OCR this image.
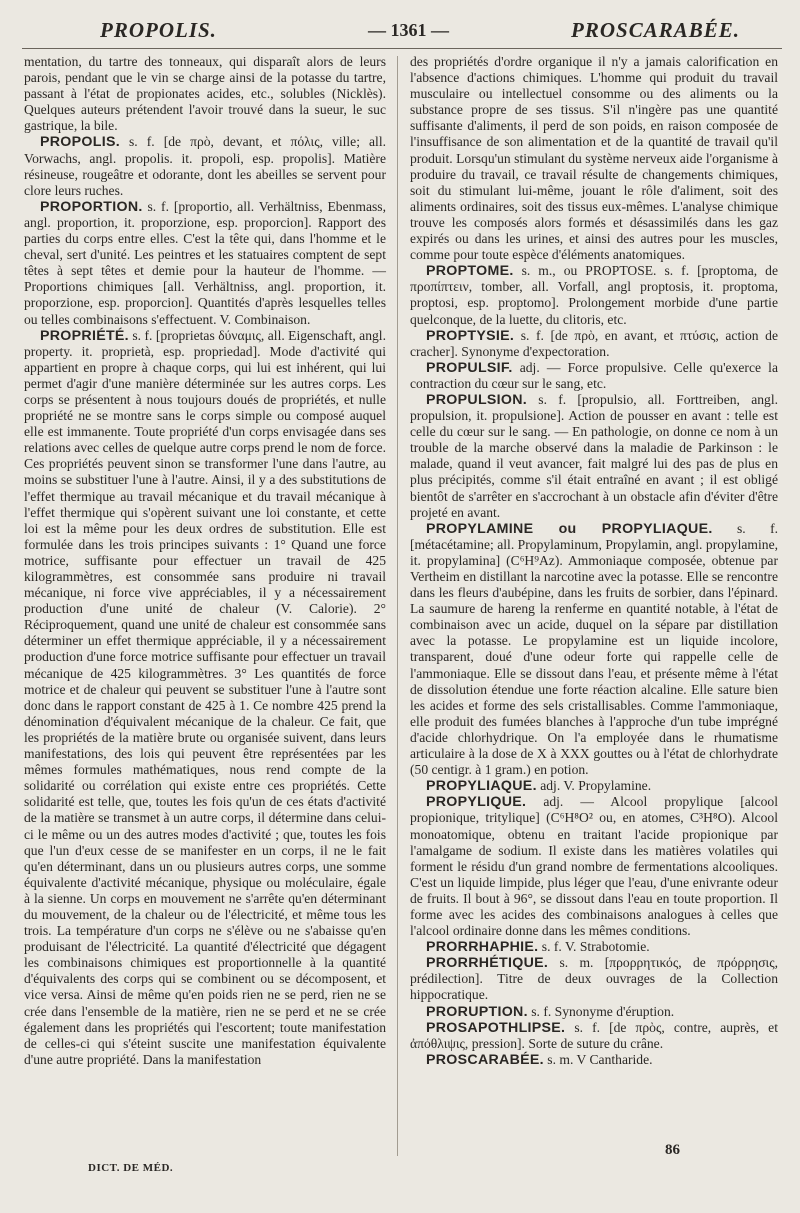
PROPOLIS.	— 1361 —	PROSCARABÉE.

mentation, du tartre des tonneaux, qui disparaît alors de leurs parois, pendant que le vin se charge ainsi de la potasse du tartre, passant à l'état de propionates acides, etc., solubles (Nicklès). Quelques auteurs prétendent l'avoir trouvé dans la sueur, le suc gastrique, la bile.

PROPOLIS. s. f. [de πρὸ, devant, et πόλις, ville; all. Vorwachs, angl. propolis. it. propoli, esp. propolis]. Matière résineuse, rougeâtre et odorante, dont les abeilles se servent pour clore leurs ruches.

PROPORTION. s. f. [proportio, all. Verhältniss, Ebenmass, angl. proportion, it. proporzione, esp. proporcion]. Rapport des parties du corps entre elles. C'est la tête qui, dans l'homme et le cheval, sert d'unité. Les peintres et les statuaires comptent de sept têtes à sept têtes et demie pour la hauteur de l'homme. — Proportions chimiques [all. Verhältniss, angl. proportion, it. proporzione, esp. proporcion]. Quantités d'après lesquelles telles ou telles combinaisons s'effectuent. V. Combinaison.

PROPRIÉTÉ. s. f. [proprietas δύναμις, all. Eigenschaft, angl. property. it. proprietà, esp. propriedad]. Mode d'activité qui appartient en propre à chaque corps, qui lui est inhérent, qui lui permet d'agir d'une manière déterminée sur les autres corps. Les corps se présentent à nous toujours doués de propriétés, et nulle propriété ne se montre sans le corps simple ou composé auquel elle est immanente. Toute propriété d'un corps envisagée dans ses relations avec celles de quelque autre corps prend le nom de force. Ces propriétés peuvent sinon se transformer l'une dans l'autre, au moins se substituer l'une à l'autre. Ainsi, il y a des substitutions de l'effet thermique au travail mécanique et du travail mécanique à l'effet thermique qui s'opèrent suivant une loi constante, et cette loi est la même pour les deux ordres de substitution. Elle est formulée dans les trois principes suivants : 1° Quand une force motrice, suffisante pour effectuer un travail de 425 kilogrammètres, est consommée sans produire ni travail mécanique, ni force vive appréciables, il y a nécessairement production d'une unité de chaleur (V. Calorie). 2° Réciproquement, quand une unité de chaleur est consommée sans déterminer un effet thermique appréciable, il y a nécessairement production d'une force motrice suffisante pour effectuer un travail mécanique de 425 kilogrammètres. 3° Les quantités de force motrice et de chaleur qui peuvent se substituer l'une à l'autre sont donc dans le rapport constant de 425 à 1. Ce nombre 425 prend la dénomination d'équivalent mécanique de la chaleur. Ce fait, que les propriétés de la matière brute ou organisée suivent, dans leurs manifestations, des lois qui peuvent être représentées par les mêmes formules mathématiques, nous rend compte de la solidarité ou corrélation qui existe entre ces propriétés. Cette solidarité est telle, que, toutes les fois qu'un de ces états d'activité de la matière se transmet à un autre corps, il détermine dans celui-ci le même ou un des autres modes d'activité ; que, toutes les fois que l'un d'eux cesse de se manifester en un corps, il ne le fait qu'en déterminant, dans un ou plusieurs autres corps, une somme équivalente d'activité mécanique, physique ou moléculaire, égale à la sienne. Un corps en mouvement ne s'arrête qu'en déterminant du mouvement, de la chaleur ou de l'électricité, et même tous les trois. La température d'un corps ne s'élève ou ne s'abaisse qu'en produisant de l'électricité. La quantité d'électricité que dégagent les combinaisons chimiques est proportionnelle à la quantité d'équivalents des corps qui se combinent ou se décomposent, et vice versa. Ainsi de même qu'en poids rien ne se perd, rien ne se crée dans l'ensemble de la matière, rien ne se perd et ne se crée également dans les propriétés qui l'escortent; toute manifestation de celles-ci qui s'éteint suscite une manifestation équivalente d'une autre propriété. Dans la manifestation

des propriétés d'ordre organique il n'y a jamais calorification en l'absence d'actions chimiques. L'homme qui produit du travail musculaire ou intellectuel consomme ou des aliments ou la substance propre de ses tissus. S'il n'ingère pas une quantité suffisante d'aliments, il perd de son poids, en raison composée de l'insuffisance de son alimentation et de la quantité de travail qu'il produit. Lorsqu'un stimulant du système nerveux aide l'organisme à produire du travail, ce travail résulte de changements chimiques, soit du stimulant lui-même, jouant le rôle d'aliment, soit des aliments ordinaires, soit des tissus eux-mêmes. L'analyse chimique trouve les composés alors formés et désassimilés dans les gaz expirés ou dans les urines, et ainsi des autres pour les muscles, comme pour toute espèce d'éléments anatomiques.

PROPTOME. s. m., ou PROPTOSE. s. f. [proptoma, de προπίπτειν, tomber, all. Vorfall, angl proptosis, it. proptoma, proptosi, esp. proptomo]. Prolongement morbide d'une partie quelconque, de la luette, du clitoris, etc.

PROPTYSIE. s. f. [de πρὸ, en avant, et πτύσις, action de cracher]. Synonyme d'expectoration.

PROPULSIF. adj. — Force propulsive. Celle qu'exerce la contraction du cœur sur le sang, etc.

PROPULSION. s. f. [propulsio, all. Forttreiben, angl. propulsion, it. propulsione]. Action de pousser en avant : telle est celle du cœur sur le sang. — En pathologie, on donne ce nom à un trouble de la marche observé dans la maladie de Parkinson : le malade, quand il veut avancer, fait malgré lui des pas de plus en plus précipités, comme s'il était entraîné en avant ; il est obligé bientôt de s'arrêter en s'accrochant à un obstacle afin d'éviter d'être projeté en avant.

PROPYLAMINE ou PROPYLIAQUE. s. f. [métacétamine; all. Propylaminum, Propylamin, angl. propylamine, it. propylamina] (C⁶H⁹Az). Ammoniaque composée, obtenue par Vertheim en distillant la narcotine avec la potasse. Elle se rencontre dans les fleurs d'aubépine, dans les fruits de sorbier, dans l'épinard. La saumure de hareng la renferme en quantité notable, à l'état de combinaison avec un acide, duquel on la sépare par distillation avec la potasse. Le propylamine est un liquide incolore, transparent, doué d'une odeur forte qui rappelle celle de l'ammoniaque. Elle se dissout dans l'eau, et présente même à l'état de dissolution étendue une forte réaction alcaline. Elle sature bien les acides et forme des sels cristallisables. Comme l'ammoniaque, elle produit des fumées blanches à l'approche d'un tube imprégné d'acide chlorhydrique. On l'a employée dans le rhumatisme articulaire à la dose de X à XXX gouttes ou à l'état de chlorhydrate (50 centigr. à 1 gram.) en potion.

PROPYLIAQUE. adj. V. Propylamine.

PROPYLIQUE. adj. — Alcool propylique [alcool propionique, tritylique] (C⁶H⁸O² ou, en atomes, C³H⁸O). Alcool monoatomique, obtenu en traitant l'acide propionique par l'amalgame de sodium. Il existe dans les matières volatiles qui forment le résidu d'un grand nombre de fermentations alcooliques. C'est un liquide limpide, plus léger que l'eau, d'une enivrante odeur de fruits. Il bout à 96°, se dissout dans l'eau en toute proportion. Il forme avec les acides des combinaisons analogues à celles que l'alcool ordinaire donne dans les mêmes conditions.

PRORRHAPHIE. s. f. V. Strabotomie.

PRORRHÉTIQUE. s. m. [προρρητικός, de πρόρρησις, prédilection]. Titre de deux ouvrages de la Collection hippocratique.

PRORUPTION. s. f. Synonyme d'éruption.

PROSAPOTHLIPSE. s. f. [de πρὸς, contre, auprès, et ἀπόθλιψις, pression]. Sorte de suture du crâne.

PROSCARABÉE. s. m. V Cantharide.

DICT. DE MÉD.
86
